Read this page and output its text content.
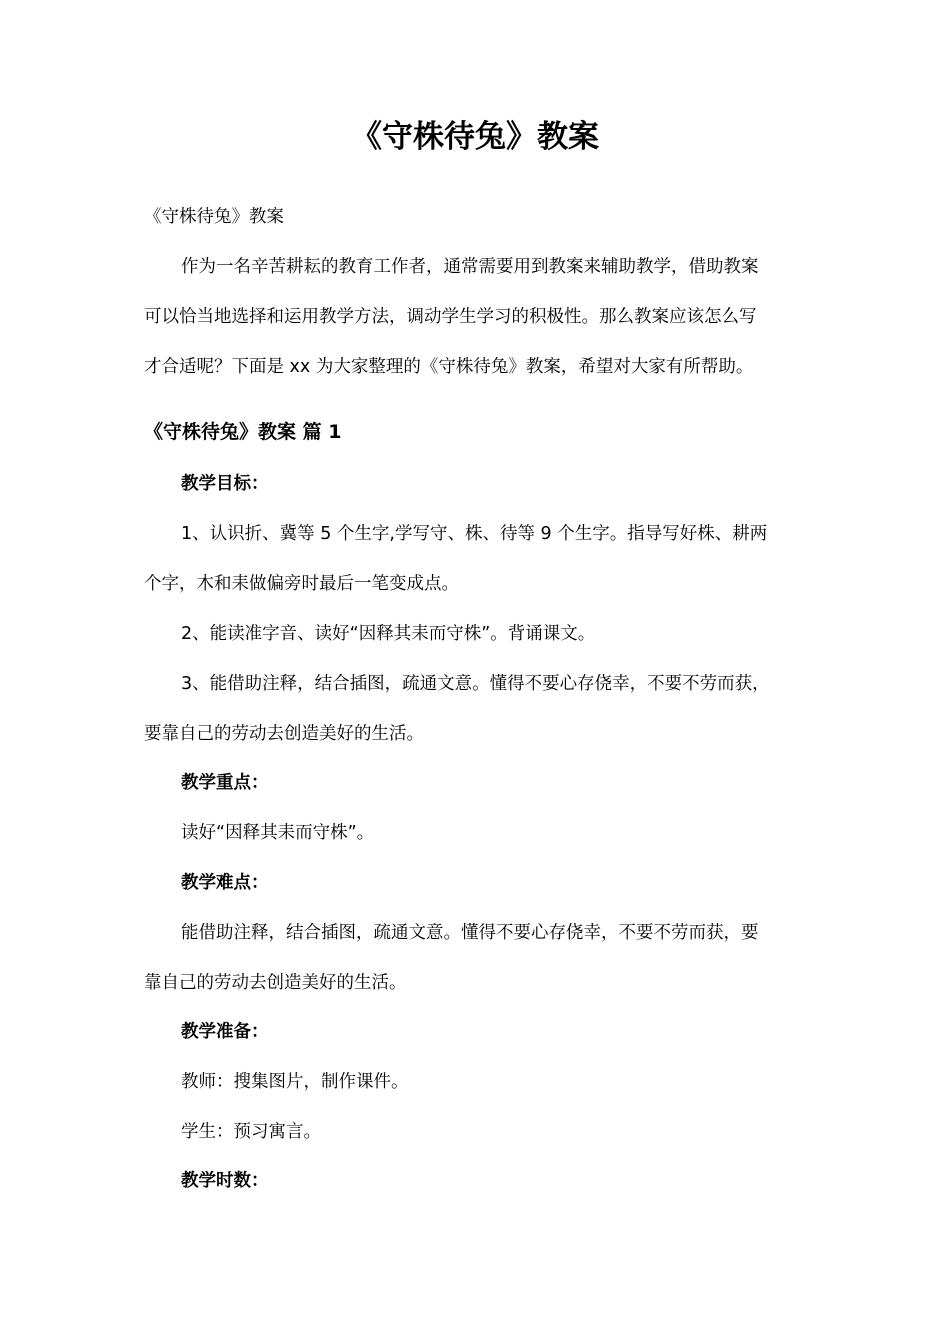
《守株待兔》教案

《守株待兔》教案

作为一名辛苦耕耘的教育工作者，通常需要用到教案来辅助教学，借助教案

可以恰当地选择和运用教学方法，调动学生学习的积极性。那么教案应该怎么写

才合适呢？下面是 xx 为大家整理的《守株待兔》教案，希望对大家有所帮助。

《守株待兔》教案 篇 1

教学目标：

1、认识折、冀等 5 个生字,学写守、株、待等 9 个生字。指导写好株、耕两

个字，木和耒做偏旁时最后一笔变成点。

2、能读准字音、读好“因释其耒而守株”。背诵课文。

3、能借助注释，结合插图，疏通文意。懂得不要心存侥幸，不要不劳而获，

要靠自己的劳动去创造美好的生活。

教学重点：

读好“因释其耒而守株”。

教学难点：

能借助注释，结合插图，疏通文意。懂得不要心存侥幸，不要不劳而获，要

靠自己的劳动去创造美好的生活。

教学准备：

教师：搜集图片，制作课件。

学生：预习寓言。

教学时数：
